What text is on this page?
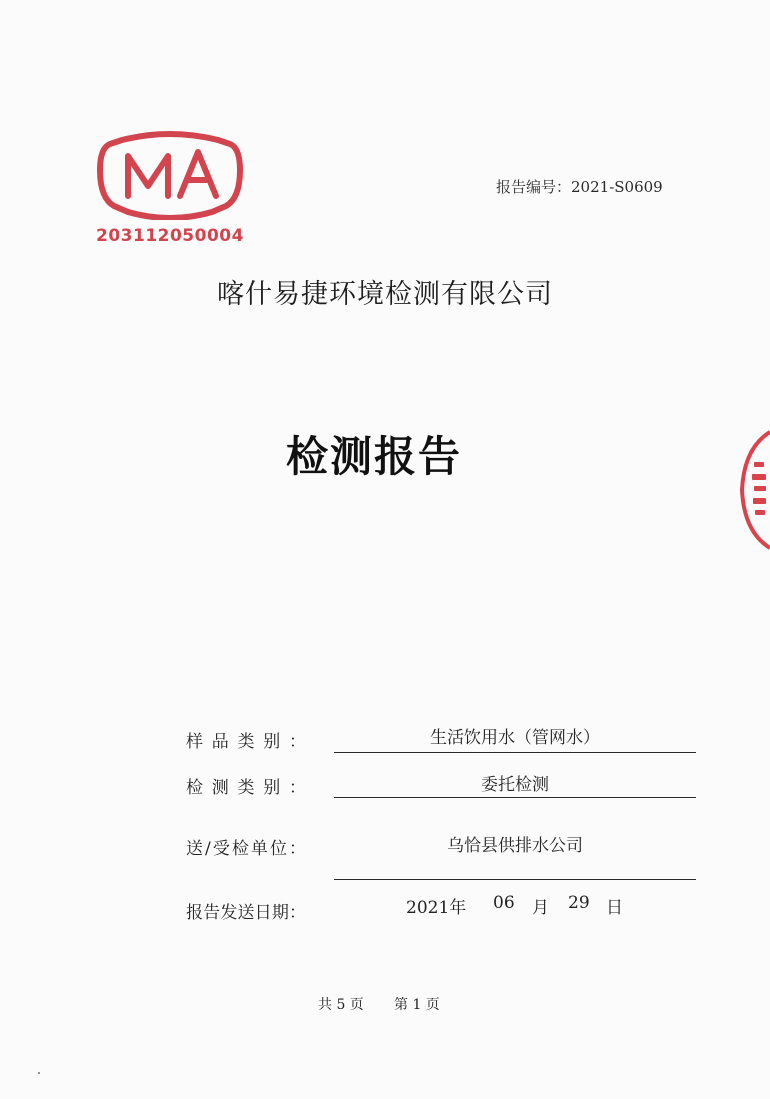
203112050004
报告编号：2021-S0609
喀什易捷环境检测有限公司
检测报告
样品类别：	生活饮用水（管网水）
检测类别：	委托检测
送/受检单位：	乌恰县供排水公司
报告发送日期：	2021年 06 月 29 日
共 5 页 第 1 页
